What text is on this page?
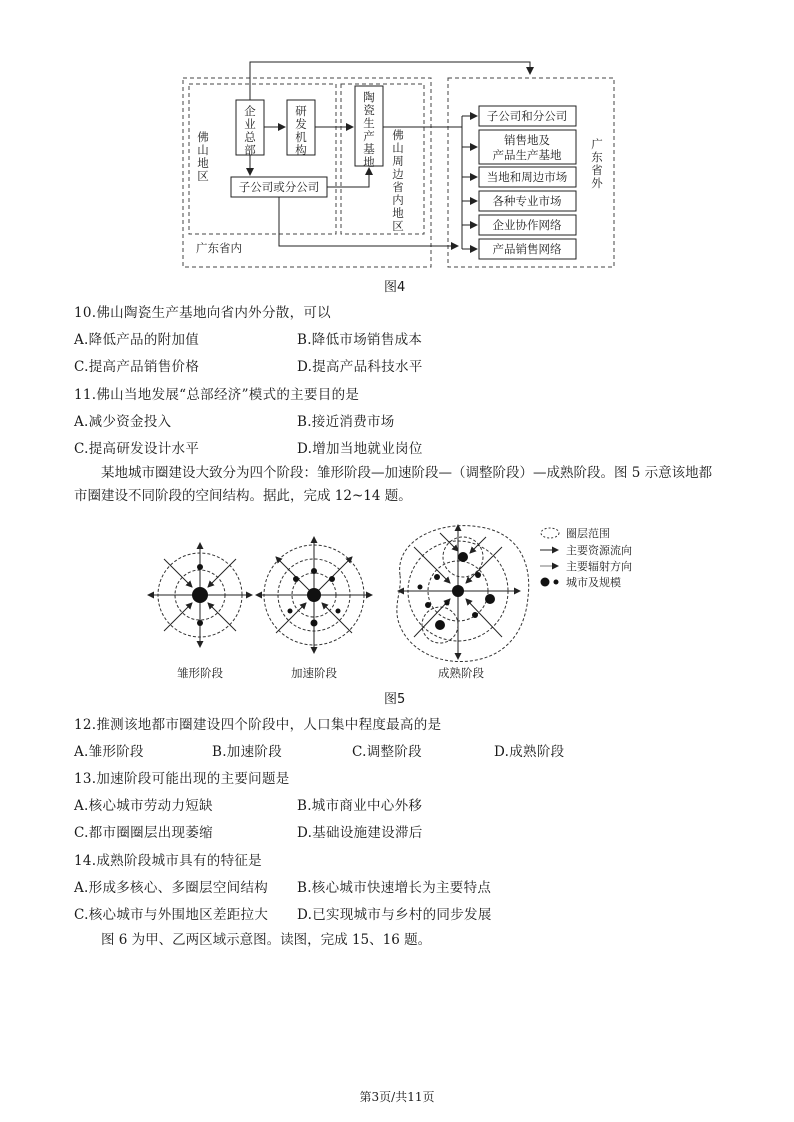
企业总部
研发机构
陶瓷生产基地
佛山地区
佛山周边省内地区
广东省外
子公司或分公司
广东省内
子公司和分公司
销售地及
产品生产基地
当地和周边市场
各种专业市场
企业协作网络
产品销售网络
图4
10.佛山陶瓷生产基地向省内外分散，可以
A.降低产品的附加值	B.降低市场销售成本
C.提高产品销售价格	D.提高产品科技水平
11.佛山当地发展“总部经济”模式的主要目的是
A.减少资金投入	B.接近消费市场
C.提高研发设计水平	D.增加当地就业岗位
某地城市圈建设大致分为四个阶段：雏形阶段—加速阶段—（调整阶段）—成熟阶段。图 5 示意该地都市圈建设不同阶段的空间结构。据此，完成 12~14 题。
圈层范围
主要资源流向
主要辐射方向
城市及规模
雏形阶段	加速阶段	成熟阶段
图5
12.推测该地都市圈建设四个阶段中，人口集中程度最高的是
A.雏形阶段	B.加速阶段	C.调整阶段	D.成熟阶段
13.加速阶段可能出现的主要问题是
A.核心城市劳动力短缺	B.城市商业中心外移
C.都市圈圈层出现萎缩	D.基础设施建设滞后
14.成熟阶段城市具有的特征是
A.形成多核心、多圈层空间结构 B.核心城市快速增长为主要特点
C.核心城市与外围地区差距拉大 D.已实现城市与乡村的同步发展
图 6 为甲、乙两区域示意图。读图，完成 15、16 题。
第3页/共11页
